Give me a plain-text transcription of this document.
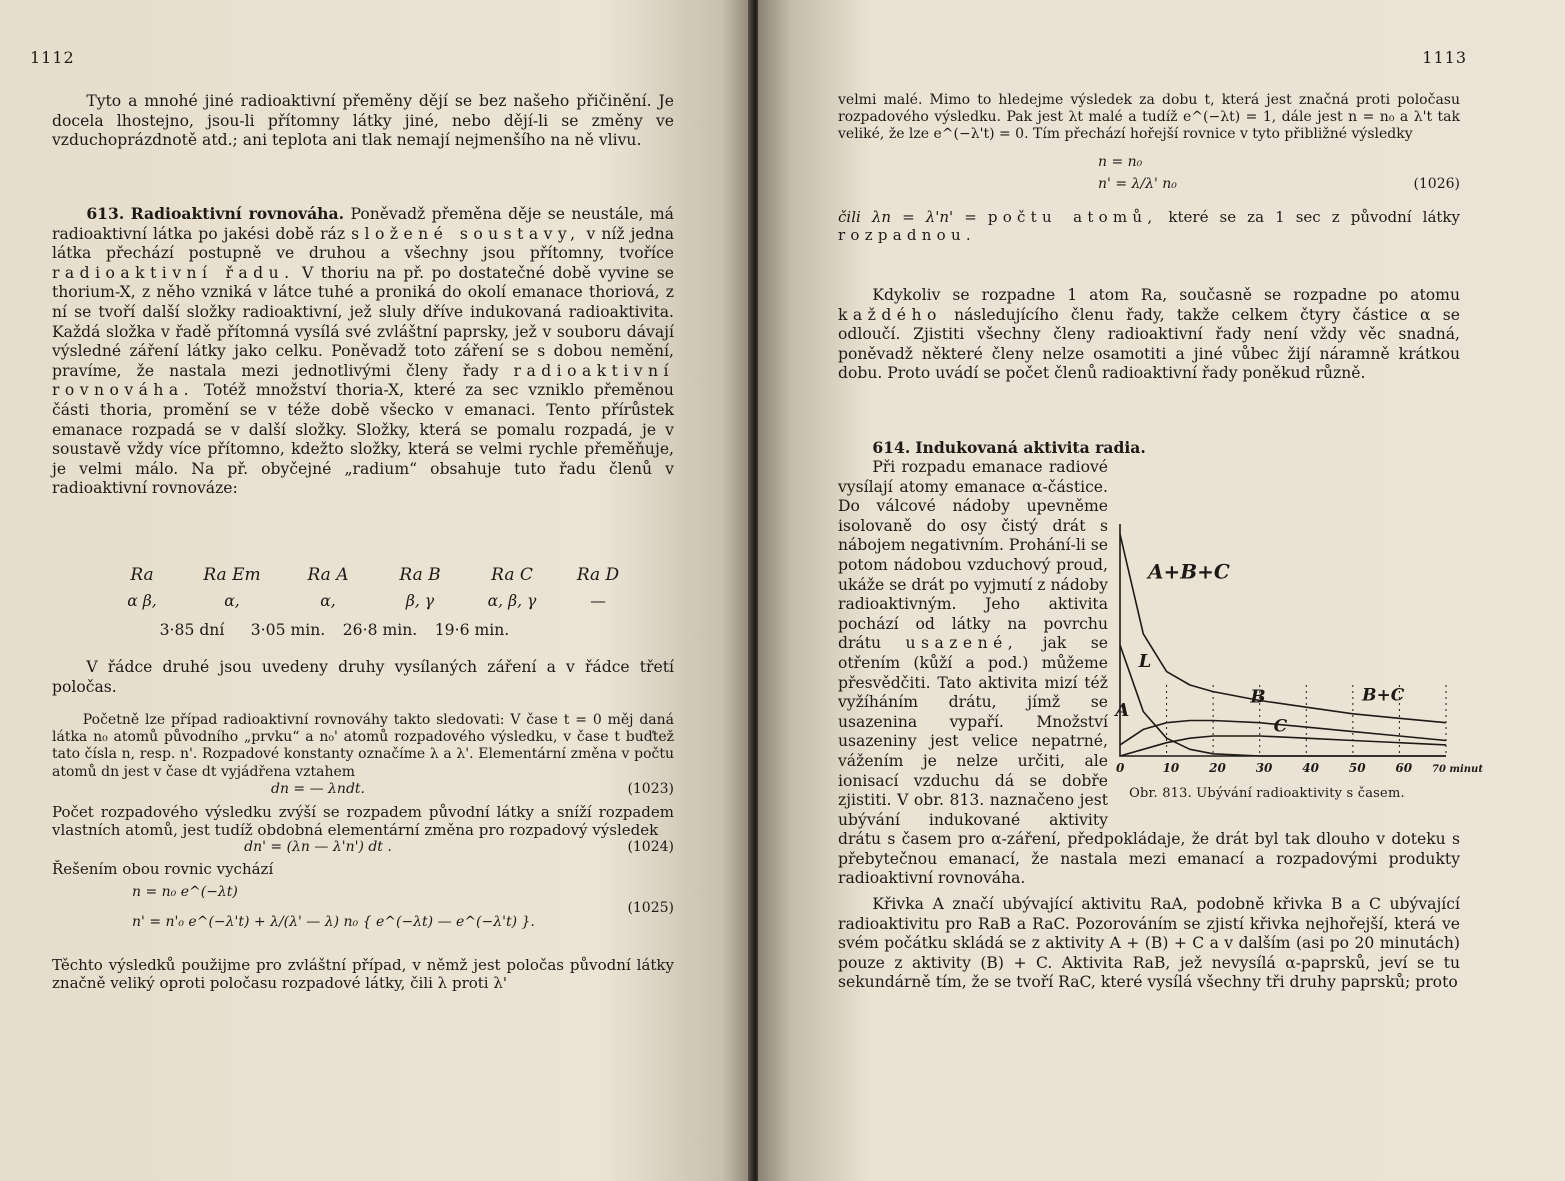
1112

Tyto a mnohé jiné radioaktivní přeměny dějí se bez našeho přičinění. Je docela lhostejno, jsou-li přítomny látky jiné, nebo dějí-li se změny ve vzduchoprázdnotě atd.; ani teplota ani tlak nemají nejmenšího na ně vlivu.

613. Radioaktivní rovnováha. Poněvadž přeměna děje se neustále, má radioaktivní látka po jakési době ráz složené soustavy, v níž jedna látka přechází postupně ve druhou a všechny jsou přítomny, tvoříce radioaktivní řadu. V thoriu na př. po dostatečné době vyvine se thorium-X, z něho vzniká v látce tuhé a proniká do okolí emanace thoriová, z ní se tvoří další složky radioaktivní, jež sluly dříve indukovaná radioaktivita. Každá složka v řadě přítomná vysílá své zvláštní paprsky, jež v souboru dávají výsledné záření látky jako celku. Poněvadž toto záření se s dobou nemění, pravíme, že nastala mezi jednotlivými členy řady radioaktivní rovnováha. Totéž množství thoria-X, které za sec vzniklo přeměnou části thoria, promění se v téže době všecko v emanaci. Tento přírůstek emanace rozpadá se v další složky. Složky, která se pomalu rozpadá, je v soustavě vždy více přítomno, kdežto složky, která se velmi rychle přeměňuje, je velmi málo. Na př. obyčejné „radium“ obsahuje tuto řadu členů v radioaktivní rovnováze:

Ra	Ra Em	Ra A	Ra B	Ra C	Ra D
α β,	α,	α,	β, γ	α, β, γ	—
3·85 dní	3·05 min.	26·8 min.	19·6 min.

V řádce druhé jsou uvedeny druhy vysílaných záření a v řádce třetí poločas.

Početně lze případ radioaktivní rovnováhy takto sledovati: V čase t = 0 měj daná látka n₀ atomů původního „prvku“ a n₀' atomů rozpadového výsledku, v čase t buďtež tato čísla n, resp. n'. Rozpadové konstanty označíme λ a λ'. Elementární změna v počtu atomů dn jest v čase dt vyjádřena vztahem

dn = — λndt.	(1023)

Počet rozpadového výsledku zvýší se rozpadem původní látky a sníží rozpadem vlastních atomů, jest tudíž obdobná elementární změna pro rozpadový výsledek

dn' = (λn — λ'n') dt .	(1024)

Řešením obou rovnic vychází

n = n₀ e^(−λt)
n' = n'₀ e^(−λ't) + λ/(λ' — λ) n₀ { e^(−λt) — e^(−λ't) }.
(1025)

Těchto výsledků použijme pro zvláštní případ, v němž jest poločas původní látky značně veliký oproti poločasu rozpadové látky, čili λ proti λ'

1113

velmi malé. Mimo to hledejme výsledek za dobu t, která jest značná proti poločasu rozpadového výsledku. Pak jest λt malé a tudíž e^(−λt) = 1, dále jest n = n₀ a λ't tak veliké, že lze e^(−λ't) = 0. Tím přechází hořejší rovnice v tyto přibližné výsledky

n = n₀
n' = λ/λ' n₀	(1026)

čili λn = λ'n' = počtu atomů, které se za 1 sec z původní látky rozpadnou.

Kdykoliv se rozpadne 1 atom Ra, současně se rozpadne po atomu každého následujícího členu řady, takže celkem čtyry částice α se odloučí. Zjistiti všechny členy radioaktivní řady není vždy věc snadná, poněvadž některé členy nelze osamotiti a jiné vůbec žijí náramně krátkou dobu. Proto uvádí se počet členů radioaktivní řady poněkud různě.

614. Indukovaná aktivita radia.

Při rozpadu emanace radiové vysílají atomy emanace α-částice. Do válcové nádoby upevněme isolovaně do osy čistý drát s nábojem negativním. Prohání-li se potom nádobou vzduchový proud, ukáže se drát po vyjmutí z nádoby radioaktivným. Jeho aktivita pochází od látky na povrchu drátu usazené, jak se otřením (kůží a pod.) můžeme přesvědčiti. Tato aktivita mizí též vyžíháním drátu, jímž se usazenina vypaří. Množství usazeniny jest velice nepatrné, vážením je nelze určiti, ale ionisací vzduchu dá se dobře zjistiti. V obr. 813. naznačeno jest ubývání indukované aktivity drátu s časem pro α-záření, předpokládaje, že drát byl tak dlouho v doteku s přebytečnou emanací, že nastala mezi emanací a rozpadovými produkty radioaktivní rovnováha.

Křivka A značí ubývající aktivitu RaA, podobně křivka B a C ubývající radioaktivitu pro RaB a RaC. Pozorováním se zjistí křivka nejhořejší, která ve svém počátku skládá se z aktivity A + (B) + C a v dalším (asi po 20 minutách) pouze z aktivity (B) + C. Aktivita RaB, jež nevysílá α-paprsků, jeví se tu sekundárně tím, že se tvoří RaC, které vysílá všechny tři druhy paprsků; proto

A+B+C
L
B	B+C
A
C
0	10 20 30 40 50 60 70 minut
Obr. 813. Ubývání radioaktivity s časem.
